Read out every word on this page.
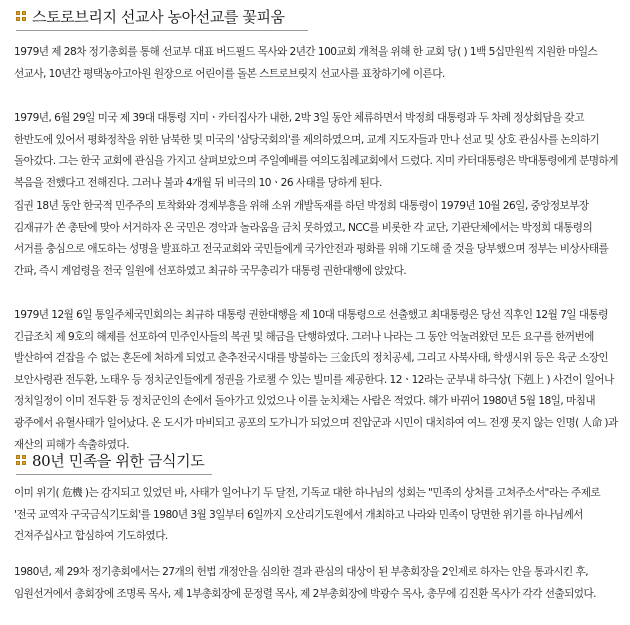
스토로브리지 선교사 농아선교를 꽃피움

1979년 제 28차 정기총회를 통해 선교부 대표 버드필드 목사와 2년간 100교회 개척을 위해 한 교회 당( ) 1백 5십만원씩 지원한 마일스 선교사, 10년간 평택농아고아원 원장으로 어린이를 돌본 스트로브릿지 선교사를 표창하기에 이른다.

1979년, 6월 29일 미국 제 39대 대통령 지미ㆍ카터집사가 내한, 2박 3일 동안 체류하면서 박정희 대통령과 두 차례 정상회담을 갖고 한반도에 있어서 평화정착을 위한 남북한 및 미국의 '삼당국회의'를 제의하였으며, 교계 지도자들과 만나 선교 및 상호 관심사를 논의하기 돌아갔다. 그는 한국 교회에 관심을 가지고 살펴보았으며 주일예배를 여의도침례교회에서 드렸다. 지미 카터대통령은 박대통령에게 분명하게 복음을 전했다고 전해진다. 그러나 불과 4개월 뒤 비극의 10ㆍ26 사태를 당하게 된다.

집권 18년 동안 한국적 민주주의 토착화와 경제부흥을 위해 소위 개발독재를 하던 박정희 대통령이 1979년 10월 26일, 중앙정보부장 김재규가 쏜 총탄에 맞아 서거하자 온 국민은 경악과 놀라움을 금치 못하였고, NCC를 비롯한 각 교단, 기관단체에서는 박정희 대통령의 서거를 충심으로 애도하는 성명을 발표하고 전국교회와 국민들에게 국가안전과 평화를 위해 기도해 줄 것을 당부했으며 정부는 비상사태를 간파, 즉시 계엄령을 전국 일원에 선포하였고 최규하 국무총리가 대통령 권한대행에 앉았다.

1979년 12월 6일 통일주체국민회의는 최규하 대통령 권한대행을 제 10대 대통령으로 선출했고 최대통령은 당선 직후인 12월 7일 대통령 긴급조치 제 9호의 해제를 선포하여 민주인사들의 복권 및 해금을 단행하였다. 그러나 나라는 그 동안 억눌려왔던 모든 요구를 한꺼번에 발산하여 걷잡을 수 없는 혼돈에 처하게 되었고 춘추전국시대를 방불하는 三金氏의 정치공세, 그리고 사북사태, 학생시위 등은 육군 소장인 보안사령관 전두환, 노태우 등 정치군인들에게 정권을 가로챌 수 있는 빌미를 제공한다. 12ㆍ12라는 군부내 하극상( 下剋上 ) 사건이 일어나 정치일정이 이미 전두환 등 정치군인의 손에서 돌아가고 있었으나 이를 눈치채는 사람은 적었다. 해가 바뀌어 1980년 5월 18일, 마침내 광주에서 유혈사태가 일어났다. 온 도시가 마비되고 공포의 도가니가 되었으며 진압군과 시민이 대치하여 여느 전쟁 못지 않는 인명( 人命 )과 재산의 피해가 속출하였다.

80년 민족을 위한 금식기도

이미 위기( 危機 )는 감지되고 있었던 바, 사태가 일어나기 두 달전, 기독교 대한 하나님의 성회는 "민족의 상처를 고쳐주소서"라는 주제로 '전국 교역자 구국금식기도회'를 1980년 3월 3일부터 6일까지 오산리기도원에서 개최하고 나라와 민족이 당면한 위기를 하나님께서 건져주십사고 합심하여 기도하였다.

1980년, 제 29차 정기총회에서는 27개의 헌법 개정안을 심의한 결과 관심의 대상이 된 부총회장을 2인제로 하자는 안을 통과시킨 후, 임원선거에서 총회장에 조명록 목사, 제 1부총회장에 문정렬 목사, 제 2부총회장에 박광수 목사, 총무에 김진환 목사가 각각 선출되었다.
